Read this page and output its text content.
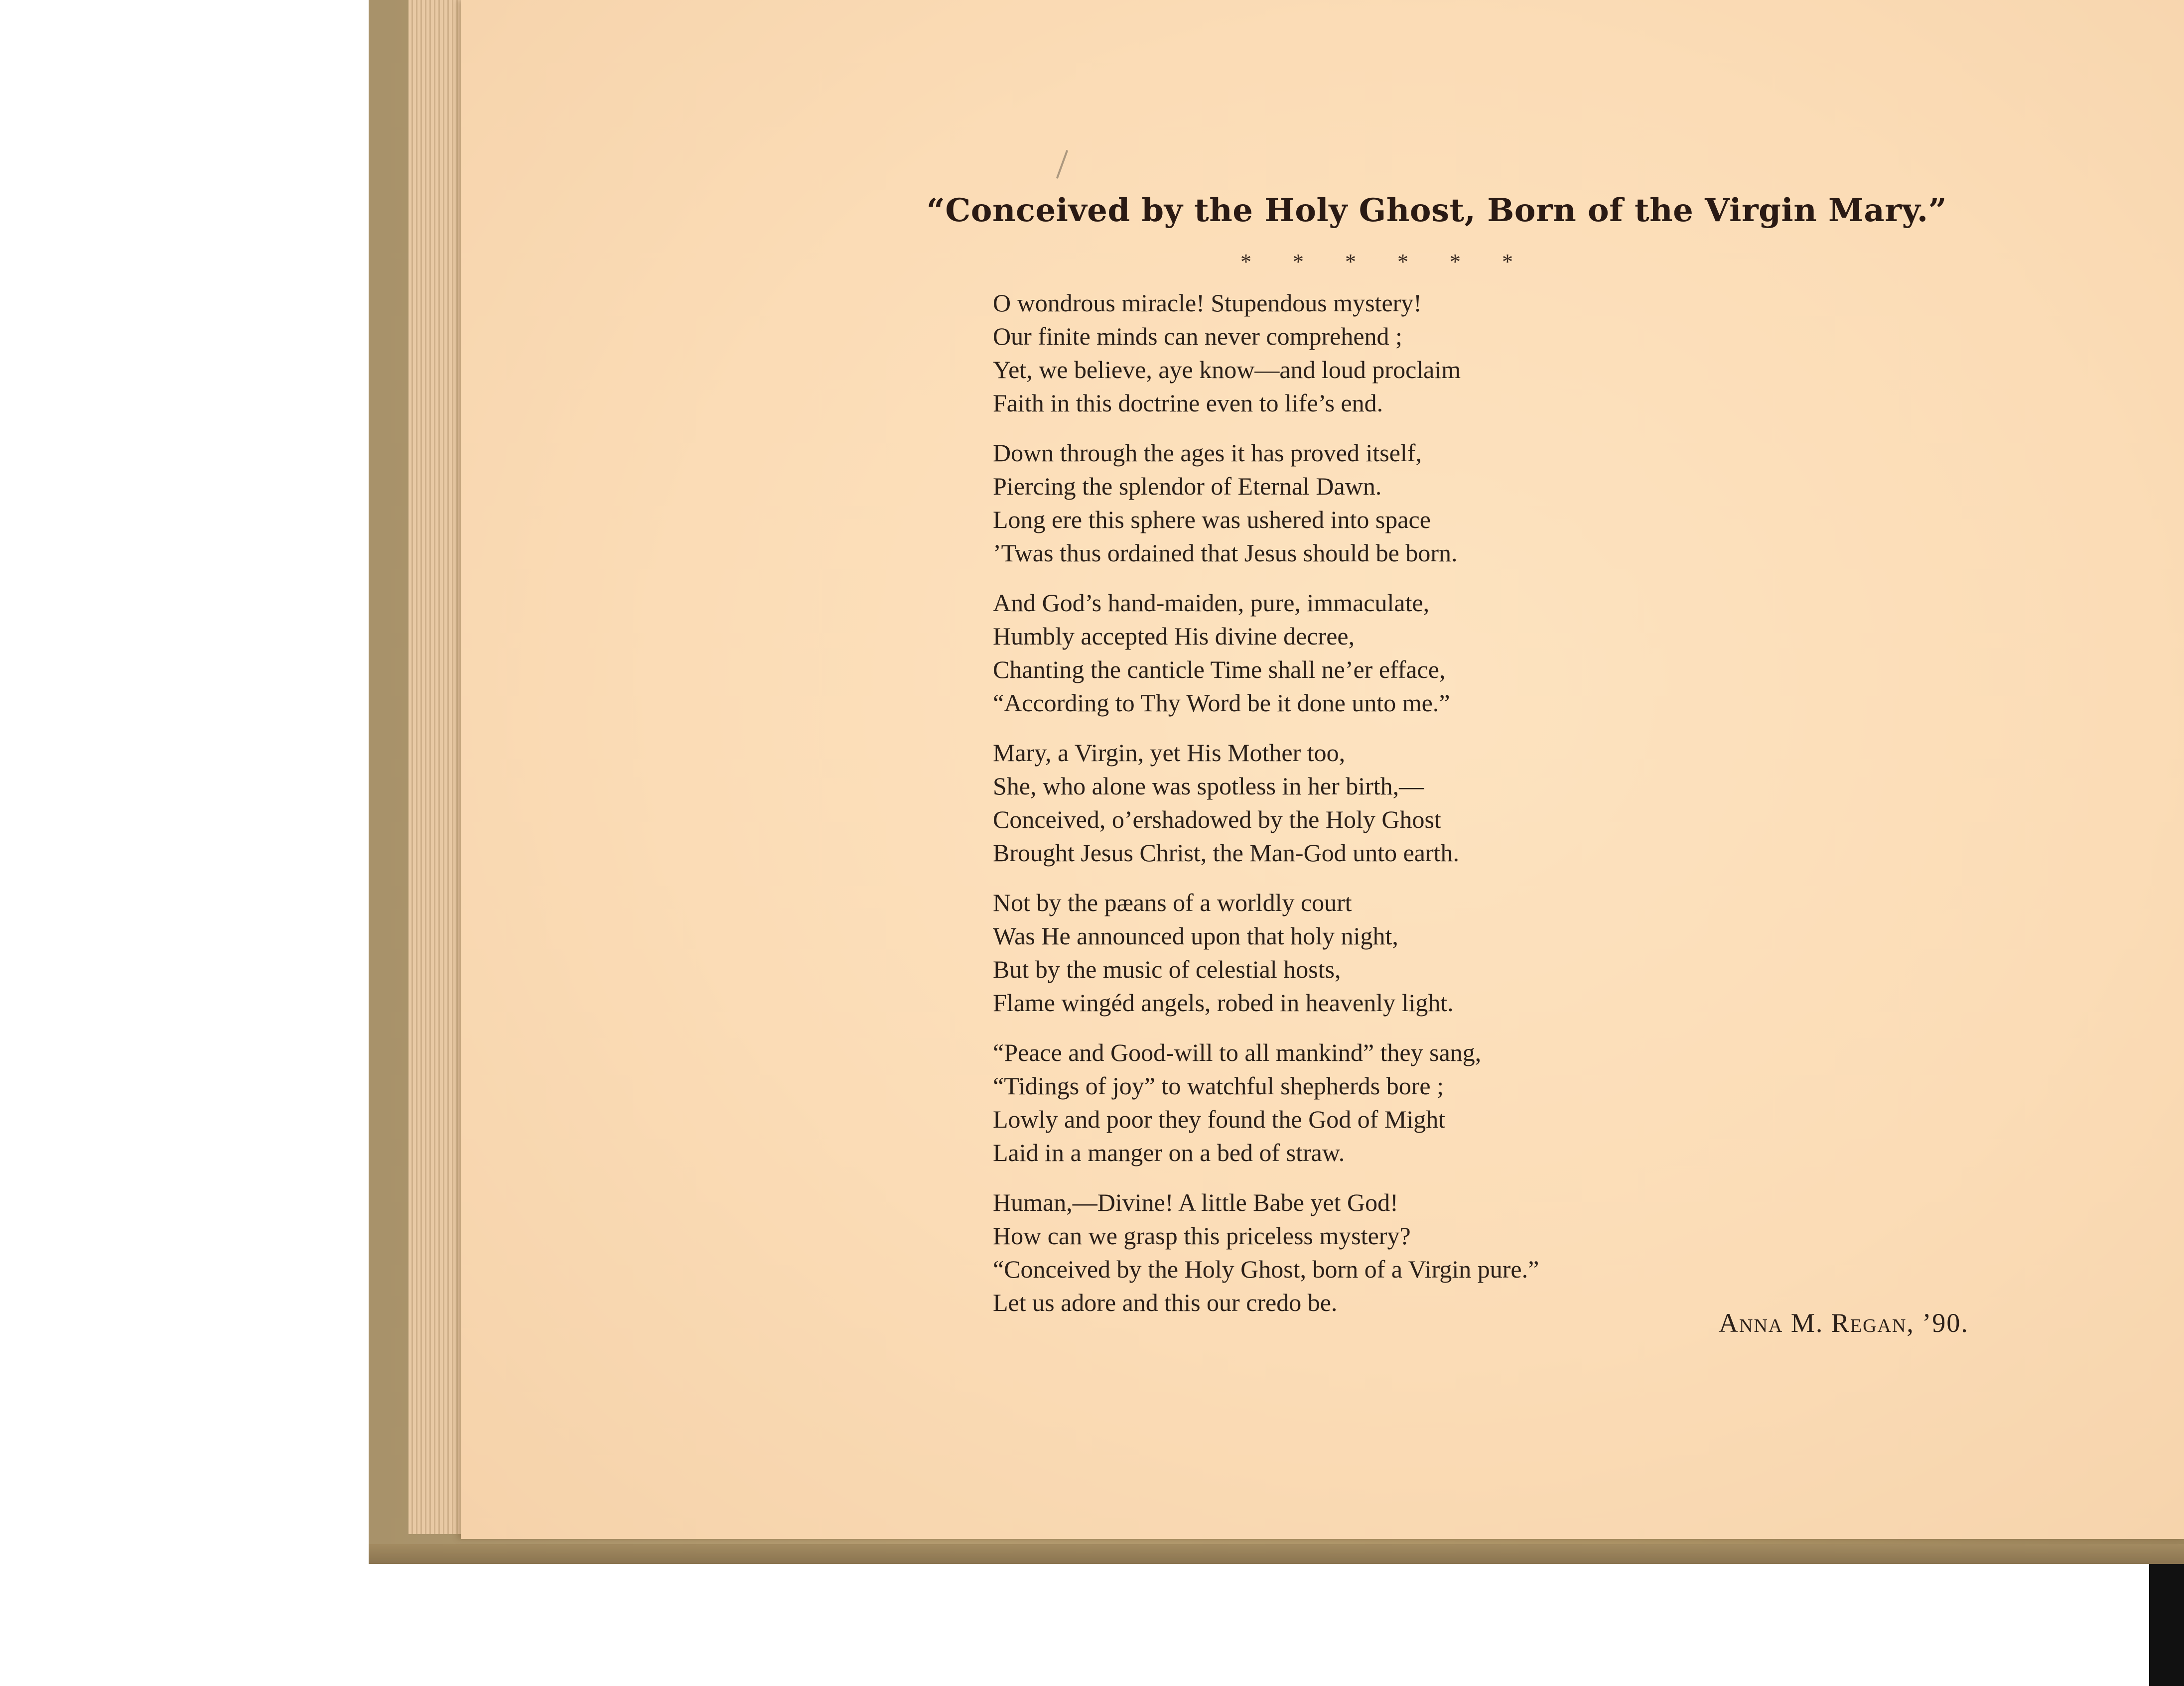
“Conceived by the Holy Ghost, Born of the Virgin Mary.”
* * * * * *
O wondrous miracle! Stupendous mystery!
Our finite minds can never comprehend ;
Yet, we believe, aye know—and loud proclaim
Faith in this doctrine even to life’s end.
Down through the ages it has proved itself,
Piercing the splendor of Eternal Dawn.
Long ere this sphere was ushered into space
’Twas thus ordained that Jesus should be born.
And God’s hand-maiden, pure, immaculate,
Humbly accepted His divine decree,
Chanting the canticle Time shall ne’er efface,
“According to Thy Word be it done unto me.”
Mary, a Virgin, yet His Mother too,
She, who alone was spotless in her birth,—
Conceived, o’ershadowed by the Holy Ghost
Brought Jesus Christ, the Man-God unto earth.
Not by the pæans of a worldly court
Was He announced upon that holy night,
But by the music of celestial hosts,
Flame wingéd angels, robed in heavenly light.
“Peace and Good-will to all mankind” they sang,
“Tidings of joy” to watchful shepherds bore ;
Lowly and poor they found the God of Might
Laid in a manger on a bed of straw.
Human,—Divine! A little Babe yet God!
How can we grasp this priceless mystery?
“Conceived by the Holy Ghost, born of a Virgin pure.”
Let us adore and this our credo be.
Anna M. Regan, ’90.
